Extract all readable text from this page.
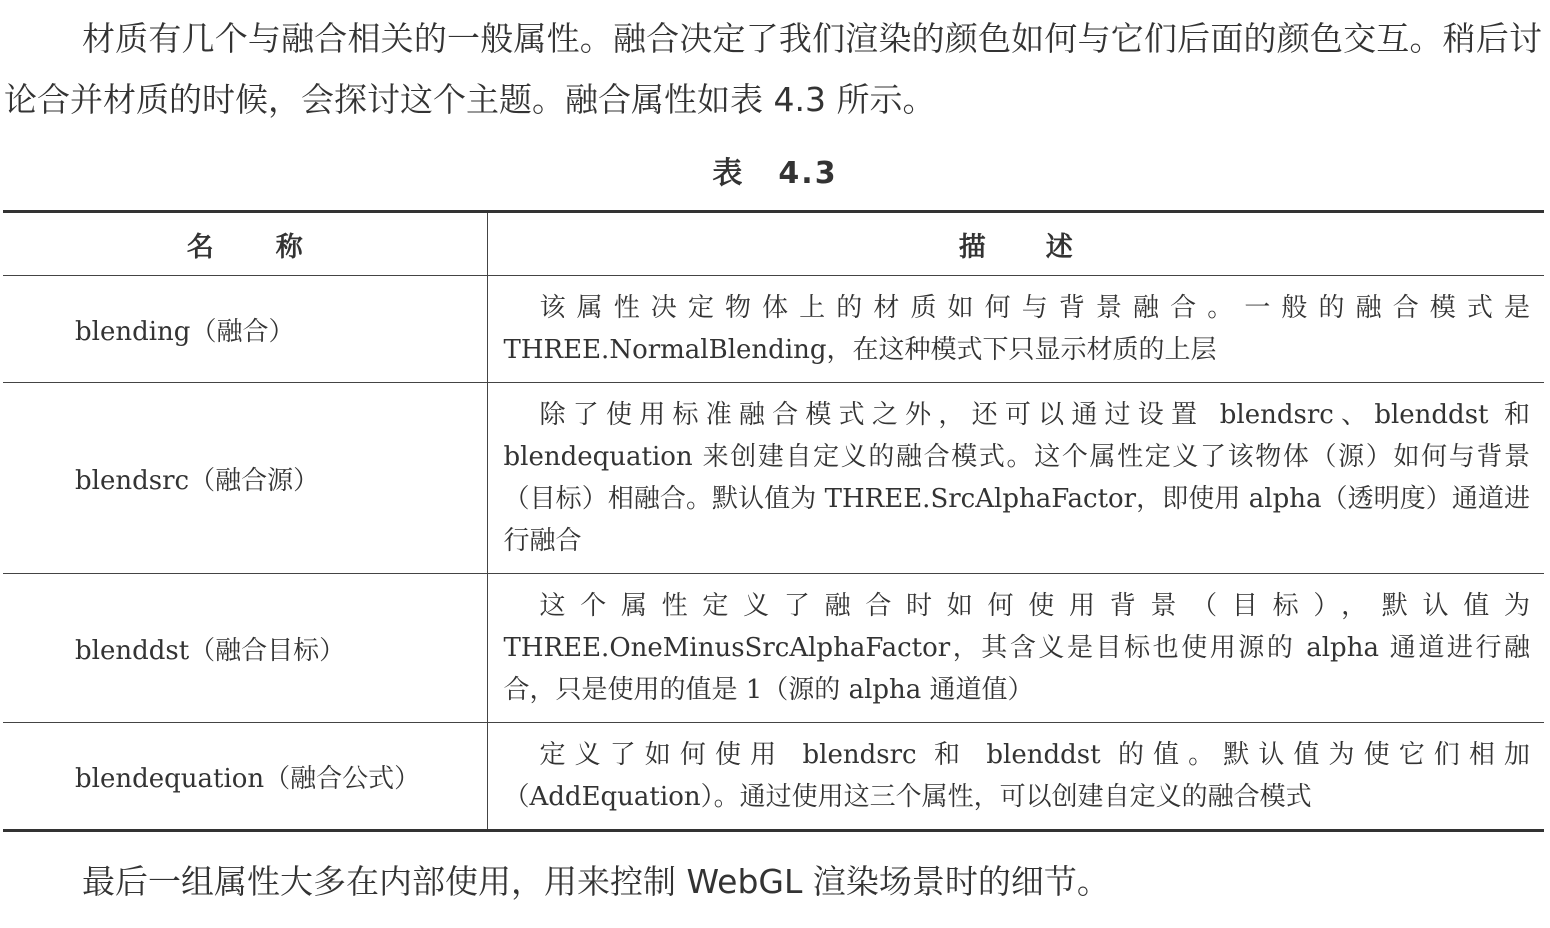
材质有几个与融合相关的一般属性。融合决定了我们渲染的颜色如何与它们后面的颜色交互。稍后讨论合并材质的时候，会探讨这个主题。融合属性如表 4.3 所示。

表 4.3
名称	描述
blending（融合）	该属性决定物体上的材质如何与背景融合。一般的融合模式是 THREE.NormalBlending，在这种模式下只显示材质的上层
blendsrc（融合源）	除了使用标准融合模式之外，还可以通过设置 blendsrc、blenddst 和 blendequation 来创建自定义的融合模式。这个属性定义了该物体（源）如何与背景（目标）相融合。默认值为 THREE.SrcAlphaFactor，即使用 alpha（透明度）通道进行融合
blenddst（融合目标）	这个属性定义了融合时如何使用背景（目标），默认值为 THREE.OneMinusSrcAlphaFactor，其含义是目标也使用源的 alpha 通道进行融合，只是使用的值是 1（源的 alpha 通道值）
blendequation（融合公式）	定义了如何使用 blendsrc 和 blenddst 的值。默认值为使它们相加（AddEquation）。通过使用这三个属性，可以创建自定义的融合模式

最后一组属性大多在内部使用，用来控制 WebGL 渲染场景时的细节。
